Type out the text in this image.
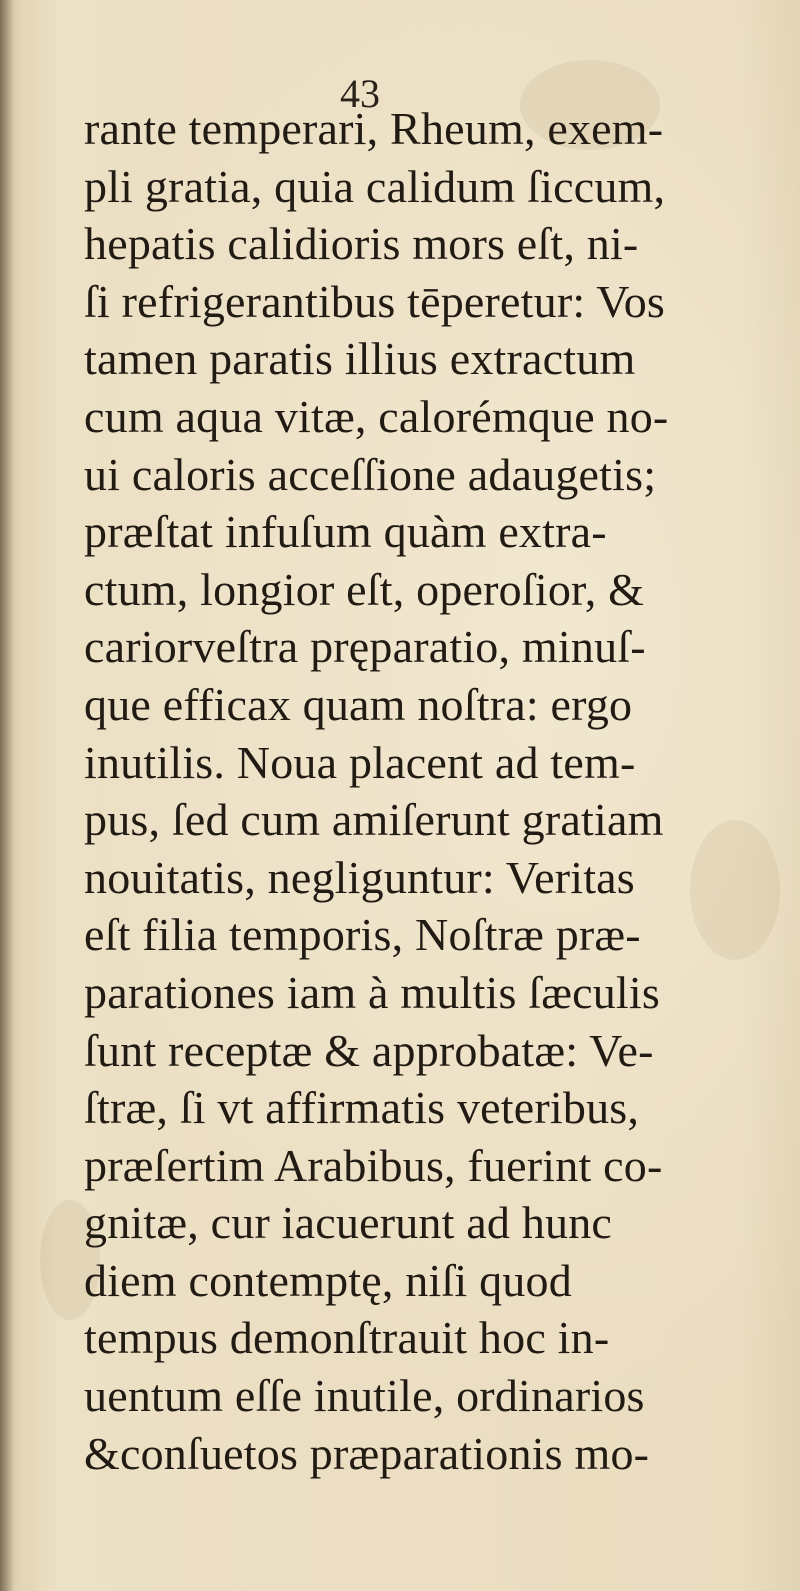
43
rante temperari, Rheum, exem-
pli gratia, quia calidum ſiccum,
hepatis calidioris mors eſt, ni-
ſi refrigerantibus tēperetur: Vos
tamen paratis illius extractum
cum aqua vitæ, calorémque no-
ui caloris acceſſione adaugetis;
præſtat infuſum quàm extra-
ctum, longior eſt, operoſior, &
cariorveſtra pręparatio, minuſ-
que efficax quam noſtra: ergo
inutilis. Noua placent ad tem-
pus, ſed cum amiſerunt gratiam
nouitatis, negliguntur: Veritas
eſt filia temporis, Noſtræ præ-
parationes iam à multis ſæculis
ſunt receptæ & approbatæ: Ve-
ſtræ, ſi vt affirmatis veteribus,
præſertim Arabibus, fuerint co-
gnitæ, cur iacuerunt ad hunc
diem contemptę, niſi quod
tempus demonſtrauit hoc in-
uentum eſſe inutile, ordinarios
&conſuetos præparationis mo-
